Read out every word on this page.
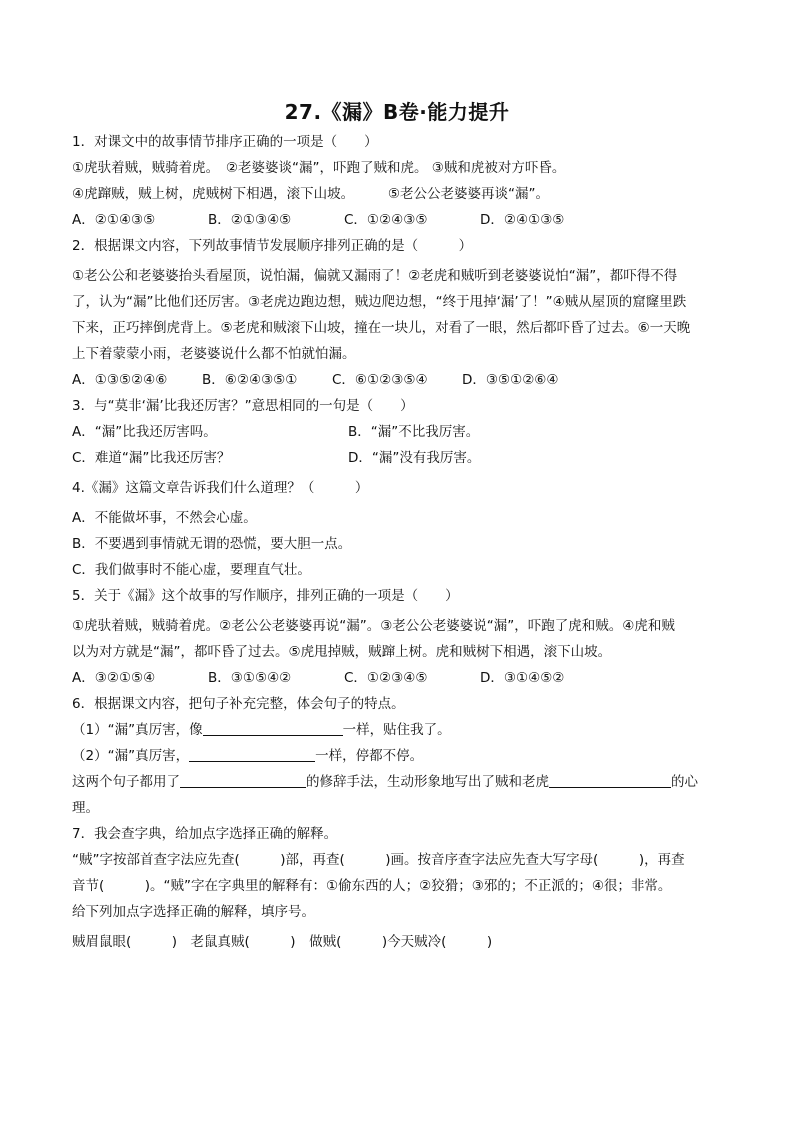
27.《漏》B卷·能力提升
1．对课文中的故事情节排序正确的一项是（　　）
①虎驮着贼，贼骑着虎。　②老婆婆谈“漏”，吓跑了贼和虎。 ③贼和虎被对方吓昏。
④虎蹿贼，贼上树，虎贼树下相遇，滚下山坡。　　　⑤老公公老婆婆再谈“漏”。
A．②①④③⑤	B．②①③④⑤	C．①②④③⑤	D．②④①③⑤
2．根据课文内容，下列故事情节发展顺序排列正确的是（　　　）
①老公公和老婆婆抬头看屋顶，说怕漏，偏就又漏雨了！②老虎和贼听到老婆婆说怕“漏”，都吓得不得
了，认为“漏”比他们还厉害。③老虎边跑边想，贼边爬边想，“终于甩掉‘漏’了！”④贼从屋顶的窟窿里跌
下来，正巧摔倒虎背上。⑤老虎和贼滚下山坡，撞在一块儿，对看了一眼，然后都吓昏了过去。⑥一天晚
上下着蒙蒙小雨，老婆婆说什么都不怕就怕漏。
A．①③⑤②④⑥	B．⑥②④③⑤①	C．⑥①②③⑤④	D．③⑤①②⑥④
3．与“莫非‘漏’比我还厉害？”意思相同的一句是（　　）
A．“漏”比我还厉害吗。	B．“漏”不比我厉害。
C．难道“漏”比我还厉害？	D．“漏”没有我厉害。
4.《漏》这篇文章告诉我们什么道理？（　　　）
A．不能做坏事，不然会心虚。
B．不要遇到事情就无谓的恐慌，要大胆一点。
C．我们做事时不能心虚，要理直气壮。
5．关于《漏》这个故事的写作顺序，排列正确的一项是（　　）
①虎驮着贼，贼骑着虎。②老公公老婆婆再说“漏”。③老公公老婆婆说“漏”，吓跑了虎和贼。④虎和贼
以为对方就是“漏”，都吓昏了过去。⑤虎甩掉贼，贼蹿上树。虎和贼树下相遇，滚下山坡。
A．③②①⑤④	B．③①⑤④②	C．①②③④⑤	D．③①④⑤②
6．根据课文内容，把句子补充完整，体会句子的特点。
（1）“漏”真厉害，像	一样，贴住我了。
（2）“漏”真厉害，	一样，停都不停。
这两个句子都用了	的修辞手法，生动形象地写出了贼和老虎	的心
理。
7．我会查字典，给加点字选择正确的解释。
“贼”字按部首查字法应先查(　　　)部，再查(　　　)画。按音序查字法应先查大写字母(　　　)，再查
音节(　　　)。“贼”字在字典里的解释有：①偷东西的人；②狡猾；③邪的；不正派的；④很；非常。
给下列加点字选择正确的解释，填序号。
贼眉鼠眼(　　　)　老鼠真贼(　　　)　做贼(　　　)今天贼冷(　　　)
